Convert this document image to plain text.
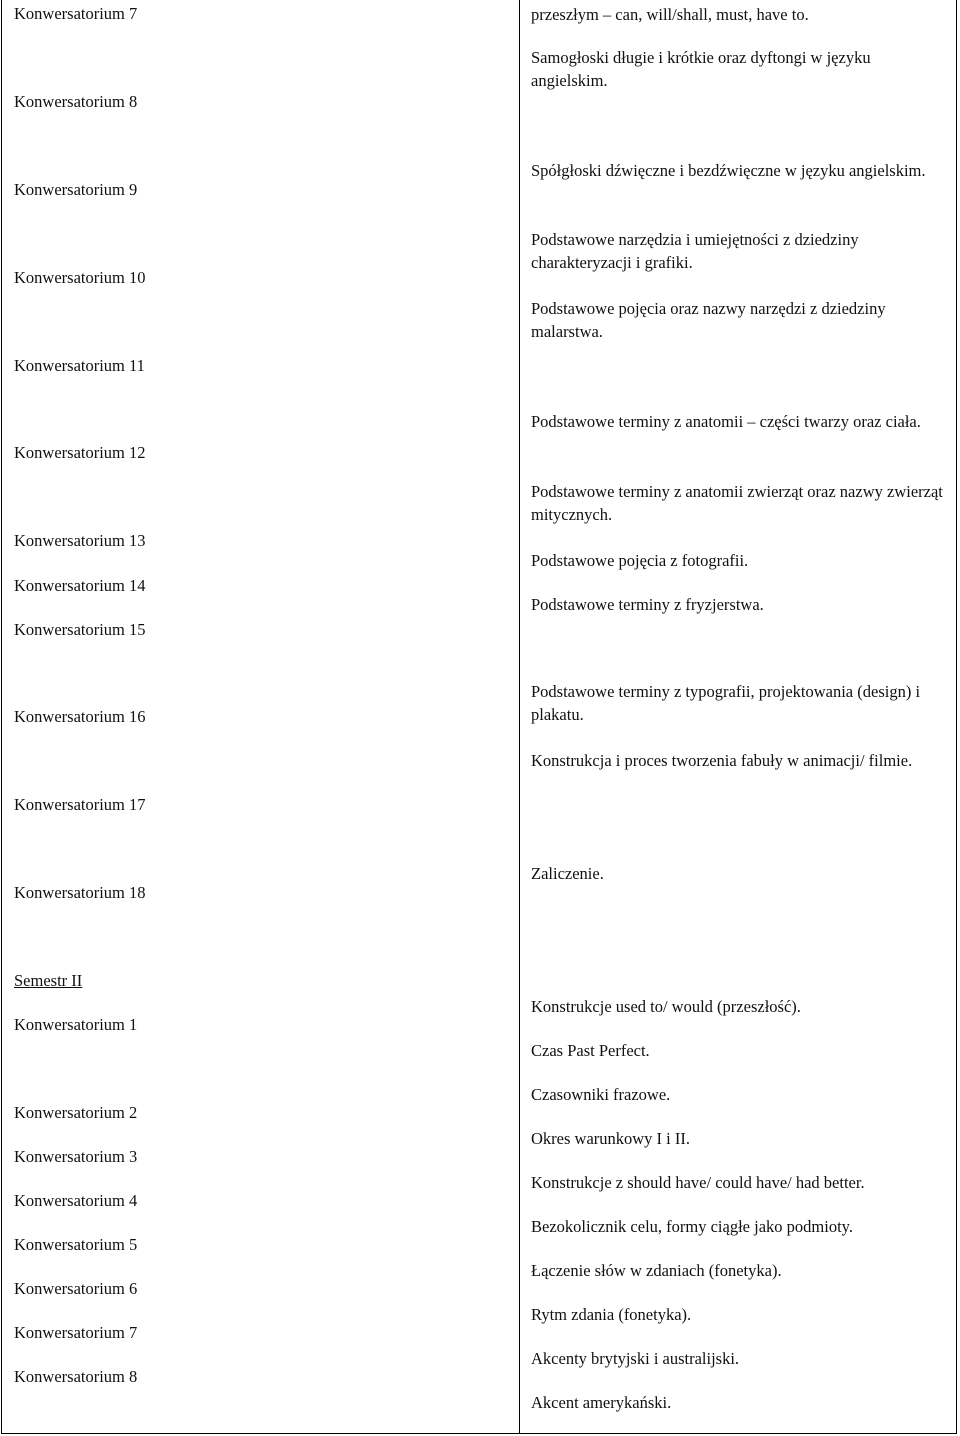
Konwersatorium 7
Konwersatorium 8
Konwersatorium 9
Konwersatorium 10
Konwersatorium 11
Konwersatorium 12
Konwersatorium 13
Konwersatorium 14
Konwersatorium 15
Konwersatorium 16
Konwersatorium 17
Konwersatorium 18
Semestr II
Konwersatorium 1
Konwersatorium 2
Konwersatorium 3
Konwersatorium 4
Konwersatorium 5
Konwersatorium 6
Konwersatorium 7
Konwersatorium 8
przeszłym – can, will/shall, must, have to.
Samogłoski długie i krótkie oraz dyftongi w języku angielskim.
Spółgłoski dźwięczne i bezdźwięczne w języku angielskim.
Podstawowe narzędzia i umiejętności z dziedziny charakteryzacji i grafiki.
Podstawowe pojęcia oraz nazwy narzędzi z dziedziny malarstwa.
Podstawowe terminy z anatomii – części twarzy oraz ciała.
Podstawowe terminy z anatomii zwierząt oraz nazwy zwierząt mitycznych.
Podstawowe pojęcia z fotografii.
Podstawowe terminy z fryzjerstwa.
Podstawowe terminy z typografii, projektowania (design) i plakatu.
Konstrukcja i proces tworzenia fabuły w animacji/ filmie.
Zaliczenie.
Konstrukcje used to/ would (przeszłość).
Czas Past Perfect.
Czasowniki frazowe.
Okres warunkowy I i II.
Konstrukcje z should have/ could have/ had better.
Bezokolicznik celu, formy ciągłe jako podmioty.
Łączenie słów w zdaniach (fonetyka).
Rytm zdania (fonetyka).
Akcenty brytyjski i australijski.
Akcent amerykański.
